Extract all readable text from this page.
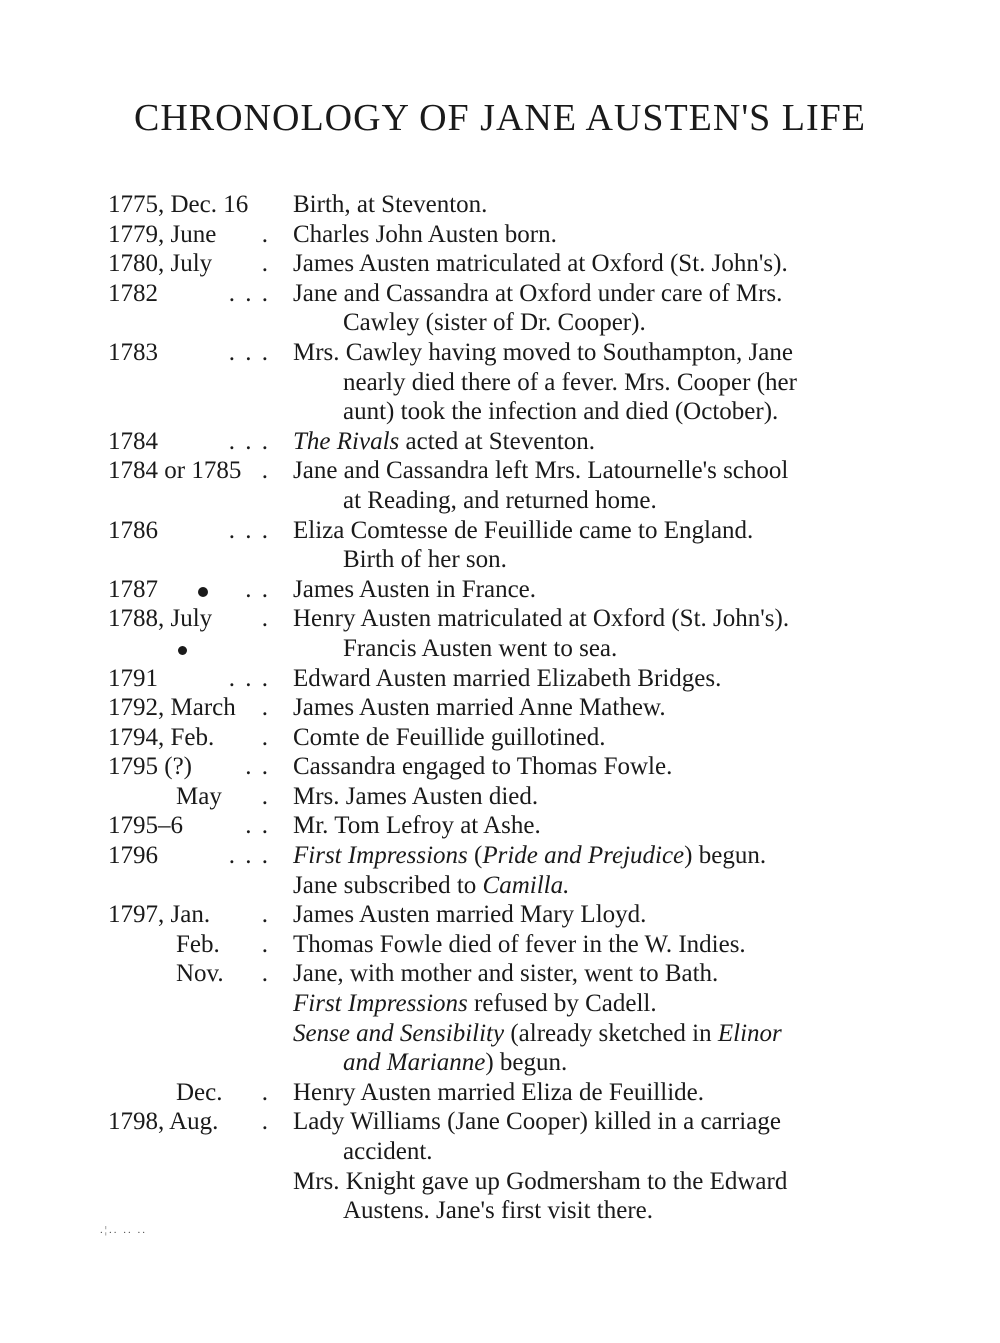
CHRONOLOGY OF JANE AUSTEN'S LIFE
1775, Dec. 16 Birth, at Steventon.
1779, June	. Charles John Austen born.
1780, July	. James Austen matriculated at Oxford (St. John's).
1782	. . . Jane and Cassandra at Oxford under care of Mrs.
Cawley (sister of Dr. Cooper).
1783	. . . Mrs. Cawley having moved to Southampton, Jane
nearly died there of a fever. Mrs. Cooper (her
aunt) took the infection and died (October).
1784	. . . The Rivals acted at Steventon.
1784 or 1785 . Jane and Cassandra left Mrs. Latournelle's school
at Reading, and returned home.
1786	. . . Eliza Comtesse de Feuillide came to England.
Birth of her son.
1787	. . James Austen in France.
1788, July	. Henry Austen matriculated at Oxford (St. John's).
Francis Austen went to sea.
1791	. . . Edward Austen married Elizabeth Bridges.
1792, March	. James Austen married Anne Mathew.
1794, Feb.	. Comte de Feuillide guillotined.
1795 (?)	. . Cassandra engaged to Thomas Fowle.
May	. Mrs. James Austen died.
1795–6	. . Mr. Tom Lefroy at Ashe.
1796	. . . First Impressions (Pride and Prejudice) begun.
Jane subscribed to Camilla.
1797, Jan.	. James Austen married Mary Lloyd.
Feb.	. Thomas Fowle died of fever in the W. Indies.
Nov.	. Jane, with mother and sister, went to Bath.
First Impressions refused by Cadell.
Sense and Sensibility (already sketched in Elinor
and Marianne) begun.
Dec.	. Henry Austen married Eliza de Feuillide.
1798, Aug.	. Lady Williams (Jane Cooper) killed in a carriage
accident.
Mrs. Knight gave up Godmersham to the Edward
Austens. Jane's first visit there.
.¦.. .. ..
